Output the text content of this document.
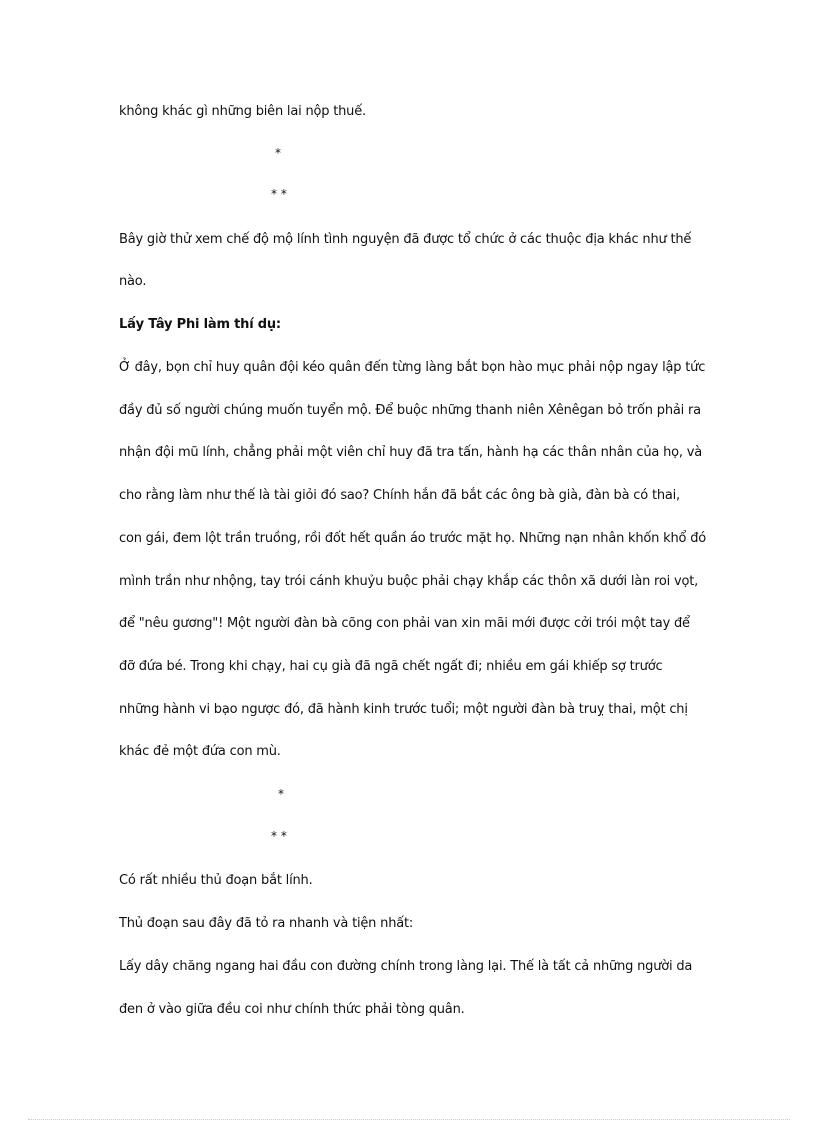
không khác gì những biên lai nộp thuế.
*
* *
Bây giờ thử xem chế độ mộ lính tình nguyện đã được tổ chức ở các thuộc địa khác như thế
nào.
Lấy Tây Phi làm thí dụ:
Ở đây, bọn chỉ huy quân đội kéo quân đến từng làng bắt bọn hào mục phải nộp ngay lập tức
đầy đủ số người chúng muốn tuyển mộ. Để buộc những thanh niên Xênêgan bỏ trốn phải ra
nhận đội mũ lính, chẳng phải một viên chỉ huy đã tra tấn, hành hạ các thân nhân của họ, và
cho rằng làm như thế là tài giỏi đó sao? Chính hắn đã bắt các ông bà già, đàn bà có thai,
con gái, đem lột trần truồng, rồi đốt hết quần áo trước mặt họ. Những nạn nhân khốn khổ đó
mình trần như nhộng, tay trói cánh khuỷu buộc phải chạy khắp các thôn xã dưới làn roi vọt,
để "nêu gương"! Một người đàn bà cõng con phải van xin mãi mới được cởi trói một tay để
đỡ đứa bé. Trong khi chạy, hai cụ già đã ngã chết ngất đi; nhiều em gái khiếp sợ trước
những hành vi bạo ngược đó, đã hành kinh trước tuổi; một người đàn bà truỵ thai, một chị
khác đẻ một đứa con mù.
*
* *
Có rất nhiều thủ đoạn bắt lính.
Thủ đoạn sau đây đã tỏ ra nhanh và tiện nhất:
Lấy dây chăng ngang hai đầu con đường chính trong làng lại. Thế là tất cả những người da
đen ở vào giữa đều coi như chính thức phải tòng quân.
